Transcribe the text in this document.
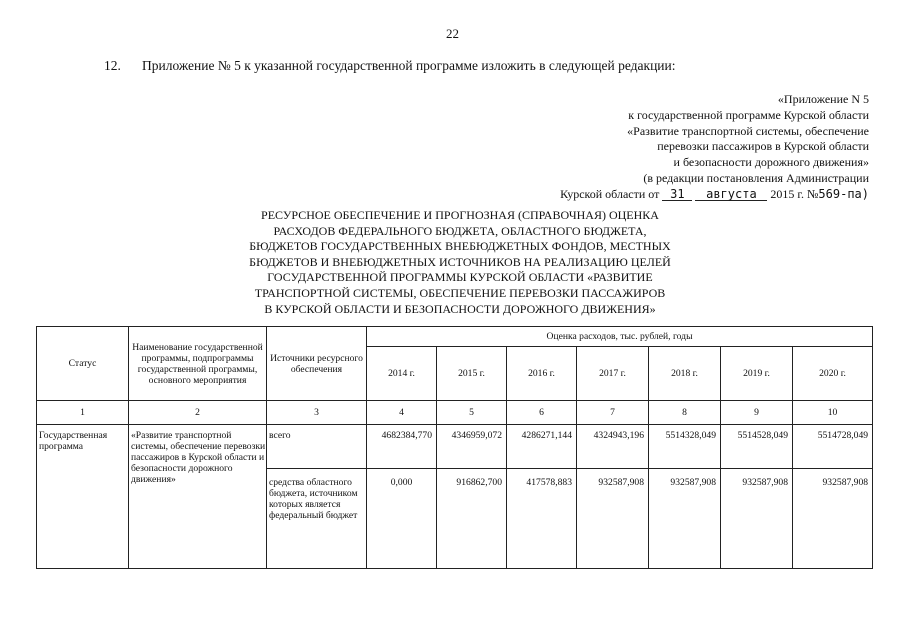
22
12. Приложение № 5 к указанной государственной программе изложить в следующей редакции:
«Приложение N 5
к государственной программе Курской области
«Развитие транспортной системы, обеспечение
перевозки пассажиров в Курской области
и безопасности дорожного движения»
(в редакции постановления Администрации
Курской области от 31 августа 2015 г. №569-па)
РЕСУРСНОЕ ОБЕСПЕЧЕНИЕ И ПРОГНОЗНАЯ (СПРАВОЧНАЯ) ОЦЕНКА
РАСХОДОВ ФЕДЕРАЛЬНОГО БЮДЖЕТА, ОБЛАСТНОГО БЮДЖЕТА,
БЮДЖЕТОВ ГОСУДАРСТВЕННЫХ ВНЕБЮДЖЕТНЫХ ФОНДОВ, МЕСТНЫХ
БЮДЖЕТОВ И ВНЕБЮДЖЕТНЫХ ИСТОЧНИКОВ НА РЕАЛИЗАЦИЮ ЦЕЛЕЙ
ГОСУДАРСТВЕННОЙ ПРОГРАММЫ КУРСКОЙ ОБЛАСТИ «РАЗВИТИЕ
ТРАНСПОРТНОЙ СИСТЕМЫ, ОБЕСПЕЧЕНИЕ ПЕРЕВОЗКИ ПАССАЖИРОВ
В КУРСКОЙ ОБЛАСТИ И БЕЗОПАСНОСТИ ДОРОЖНОГО ДВИЖЕНИЯ»
Статус	Наименование государственной программы, подпрограммы государственной программы, основного мероприятия	Источники ресурсного обеспечения	Оценка расходов, тыс. рублей, годы						
			2014 г.	2015 г.	2016 г.	2017 г.	2018 г.	2019 г.	2020 г.
1	2	3	4	5	6	7	8	9	10
Государственная программа	«Развитие транспортной системы, обеспечение перевозки пассажиров в Курской области и безопасности дорожного движения»	всего	4682384,770	4346959,072	4286271,144	4324943,196	5514328,049	5514528,049	5514728,049
		средства областного бюджета, источником которых является федеральный бюджет	0,000	916862,700	417578,883	932587,908	932587,908	932587,908	932587,908
